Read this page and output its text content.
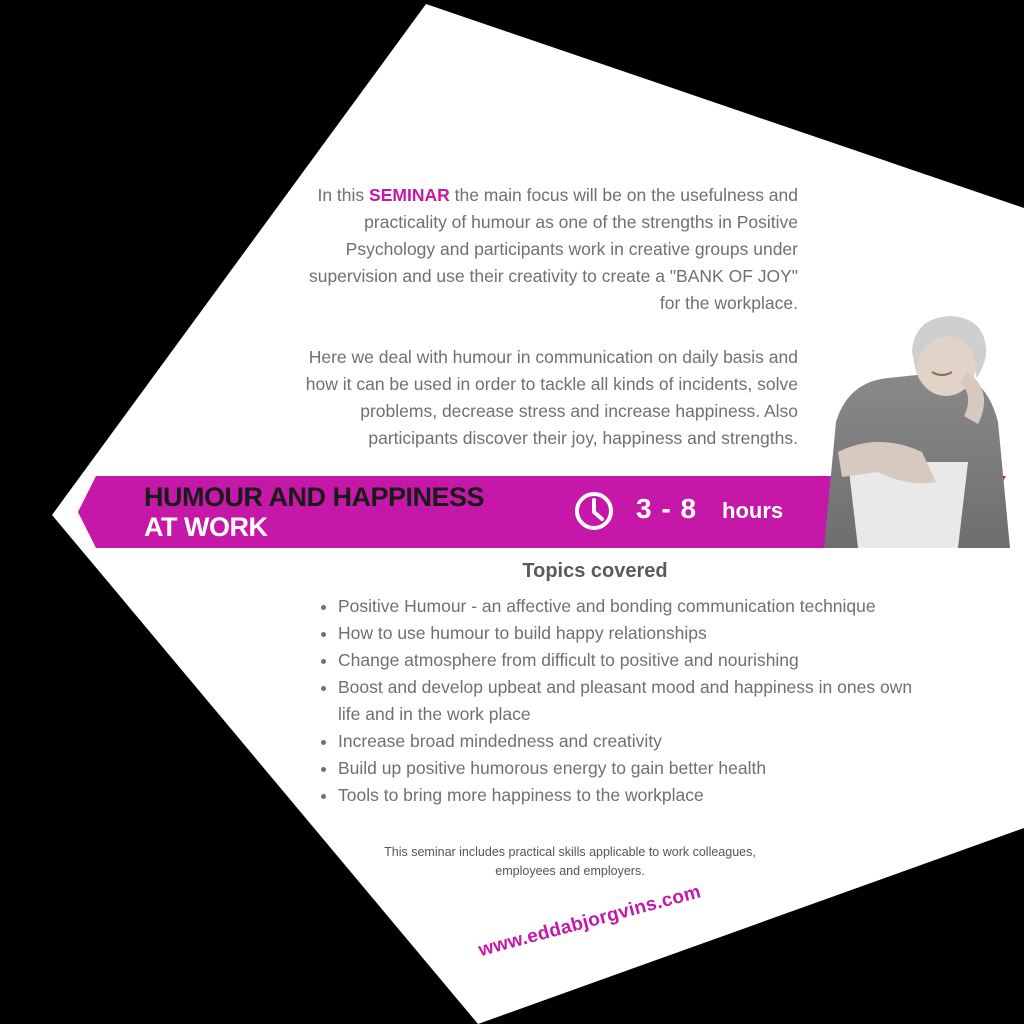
In this SEMINAR the main focus will be on the usefulness and practicality of humour as one of the strengths in Positive Psychology and participants work in creative groups under supervision and use their creativity to create a "BANK OF JOY" for the workplace.

Here we deal with humour in communication on daily basis and how it can be used in order to tackle all kinds of incidents, solve problems, decrease stress and increase happiness. Also participants discover their joy, happiness and strengths.

HUMOUR AND HAPPINESS
AT WORK
3 - 8 hours
Topics covered
• Positive Humour - an affective and bonding communication technique
• How to use humour to build happy relationships
• Change atmosphere from difficult to positive and nourishing
• Boost and develop upbeat and pleasant mood and happiness in ones own life and in the work place
• Increase broad mindedness and creativity
• Build up positive humorous energy to gain better health
• Tools to bring more happiness to the workplace
This seminar includes practical skills applicable to work colleagues, employees and employers.
www.eddabjorgvins.com
